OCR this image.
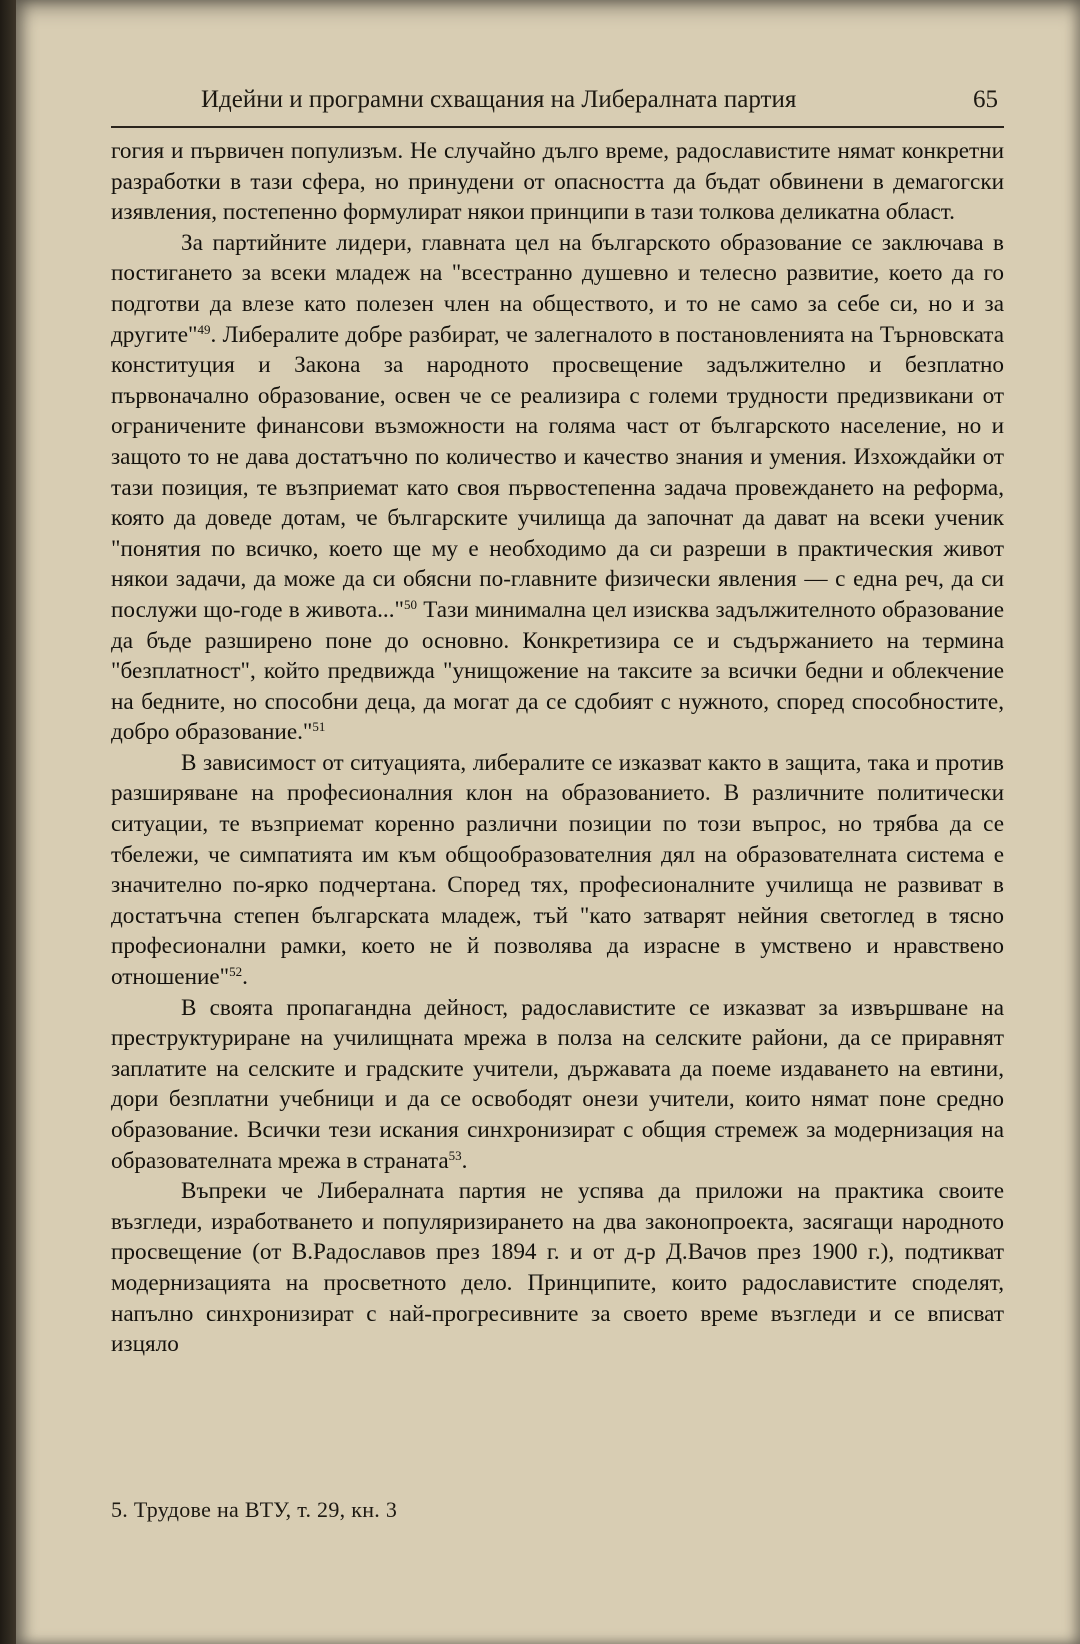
Идейни и програмни схващания на Либералната партия	65

гогия и първичен популизъм. Не случайно дълго време, радославистите нямат конкретни разработки в тази сфера, но принудени от опасността да бъдат обвинени в демагогски изявления, постепенно формулират някои принципи в тази толкова деликатна област.

За партийните лидери, главната цел на българското образование се заключава в постигането за всеки младеж на "всестранно душевно и телесно развитие, което да го подготви да влезе като полезен член на обществото, и то не само за себе си, но и за другите"$^{49}$. Либералите добре разбират, че залегналото в постановленията на Търновската конституция и Закона за народното просвещение задължително и безплатно първоначално образование, освен че се реализира с големи трудности предизвикани от ограничените финансови възможности на голяма част от българското население, но и защото то не дава достатъчно по количество и качество знания и умения. Изхождайки от тази позиция, те възприемат като своя първостепенна задача провеждането на реформа, която да доведе дотам, че българските училища да започнат да дават на всеки ученик "понятия по всичко, което ще му е необходимо да си разреши в практическия живот някои задачи, да може да си обясни по-главните физически явления — с една реч, да си послужи що-годе в живота..."$^{50}$ Тази минимална цел изисква задължителното образование да бъде разширено поне до основно. Конкретизира се и съдържанието на термина "безплатност", който предвижда "унищожение на таксите за всички бедни и облекчение на бедните, но способни деца, да могат да се сдобият с нужното, според способностите, добро образование."$^{51}$

В зависимост от ситуацията, либералите се изказват както в защита, така и против разширяване на професионалния клон на образованието. В различните политически ситуации, те възприемат коренно различни позиции по този въпрос, но трябва да се тбележи, че симпатията им към общообразователния дял на образователната система е значително по-ярко подчертана. Според тях, професионалните училища не развиват в достатъчна степен българската младеж, тъй "като затварят нейния светоглед в тясно професионални рамки, което не й позволява да израсне в умствено и нравствено отношение"$^{52}$.

В своята пропагандна дейност, радославистите се изказват за извършване на преструктуриране на училищната мрежа в полза на селските райони, да се приравнят заплатите на селските и градските учители, държавата да поеме издаването на евтини, дори безплатни учебници и да се освободят онези учители, които нямат поне средно образование. Всички тези искания синхронизират с общия стремеж за модернизация на образователната мрежа в страната$^{53}$.

Въпреки че Либералната партия не успява да приложи на практика своите възгледи, изработването и популяризирането на два законопроекта, засягащи народното просвещение (от В.Радославов през 1894 г. и от д-р Д.Вачов през 1900 г.), подтикват модернизацията на просветното дело. Принципите, които радославистите споделят, напълно синхронизират с най-прогресивните за своето време възгледи и се вписват изцяло

5. Трудове на ВТУ, т. 29, кн. 3
